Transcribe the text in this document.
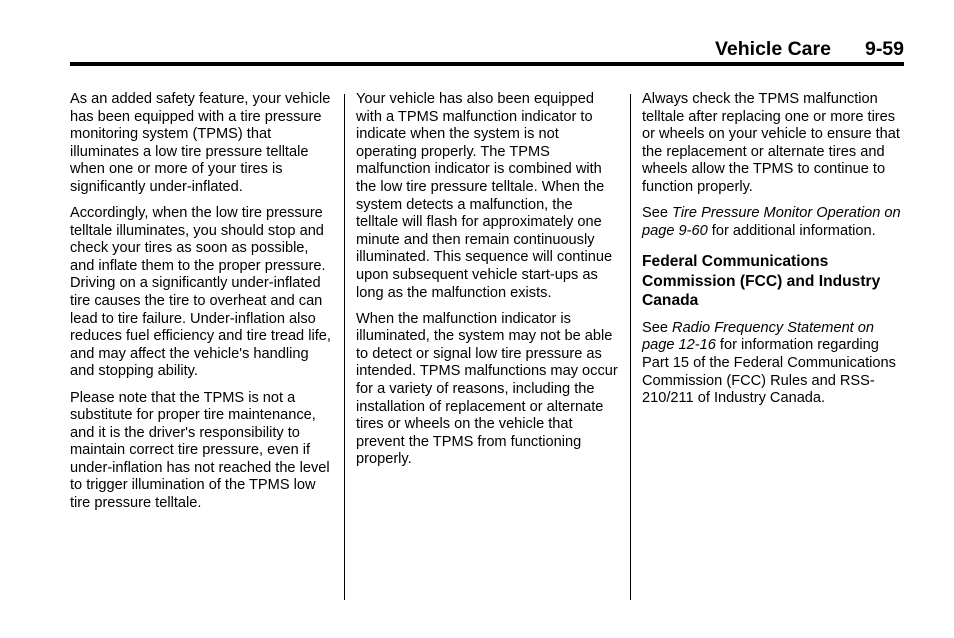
Vehicle Care 9-59

As an added safety feature, your vehicle has been equipped with a tire pressure monitoring system (TPMS) that illuminates a low tire pressure telltale when one or more of your tires is significantly under-inflated.

Accordingly, when the low tire pressure telltale illuminates, you should stop and check your tires as soon as possible, and inflate them to the proper pressure. Driving on a significantly under-inflated tire causes the tire to overheat and can lead to tire failure. Under-inflation also reduces fuel efficiency and tire tread life, and may affect the vehicle's handling and stopping ability.

Please note that the TPMS is not a substitute for proper tire maintenance, and it is the driver's responsibility to maintain correct tire pressure, even if under-inflation has not reached the level to trigger illumination of the TPMS low tire pressure telltale.

Your vehicle has also been equipped with a TPMS malfunction indicator to indicate when the system is not operating properly. The TPMS malfunction indicator is combined with the low tire pressure telltale. When the system detects a malfunction, the telltale will flash for approximately one minute and then remain continuously illuminated. This sequence will continue upon subsequent vehicle start-ups as long as the malfunction exists.

When the malfunction indicator is illuminated, the system may not be able to detect or signal low tire pressure as intended. TPMS malfunctions may occur for a variety of reasons, including the installation of replacement or alternate tires or wheels on the vehicle that prevent the TPMS from functioning properly.

Always check the TPMS malfunction telltale after replacing one or more tires or wheels on your vehicle to ensure that the replacement or alternate tires and wheels allow the TPMS to continue to function properly.

See Tire Pressure Monitor Operation on page 9-60 for additional information.

Federal Communications Commission (FCC) and Industry Canada

See Radio Frequency Statement on page 12-16 for information regarding Part 15 of the Federal Communications Commission (FCC) Rules and RSS-210/211 of Industry Canada.
